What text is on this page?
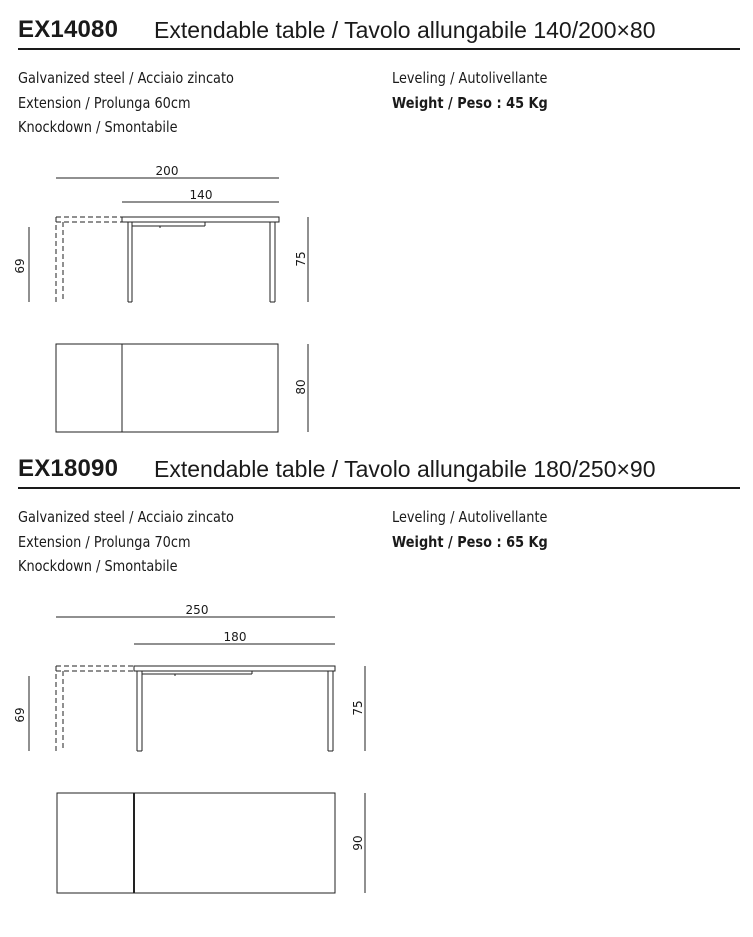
EX14080 Extendable table / Tavolo allungabile 140/200×80
Galvanized steel / Acciaio zincato
Extension / Prolunga 60cm
Knockdown / Smontabile
Leveling / Autolivellante
Weight / Peso : 45 Kg
200
140
69	75
80
EX18090 Extendable table / Tavolo allungabile 180/250×90
Galvanized steel / Acciaio zincato
Extension / Prolunga 70cm
Knockdown / Smontabile
Leveling / Autolivellante
Weight / Peso : 65 Kg
250
180
69	75
90
